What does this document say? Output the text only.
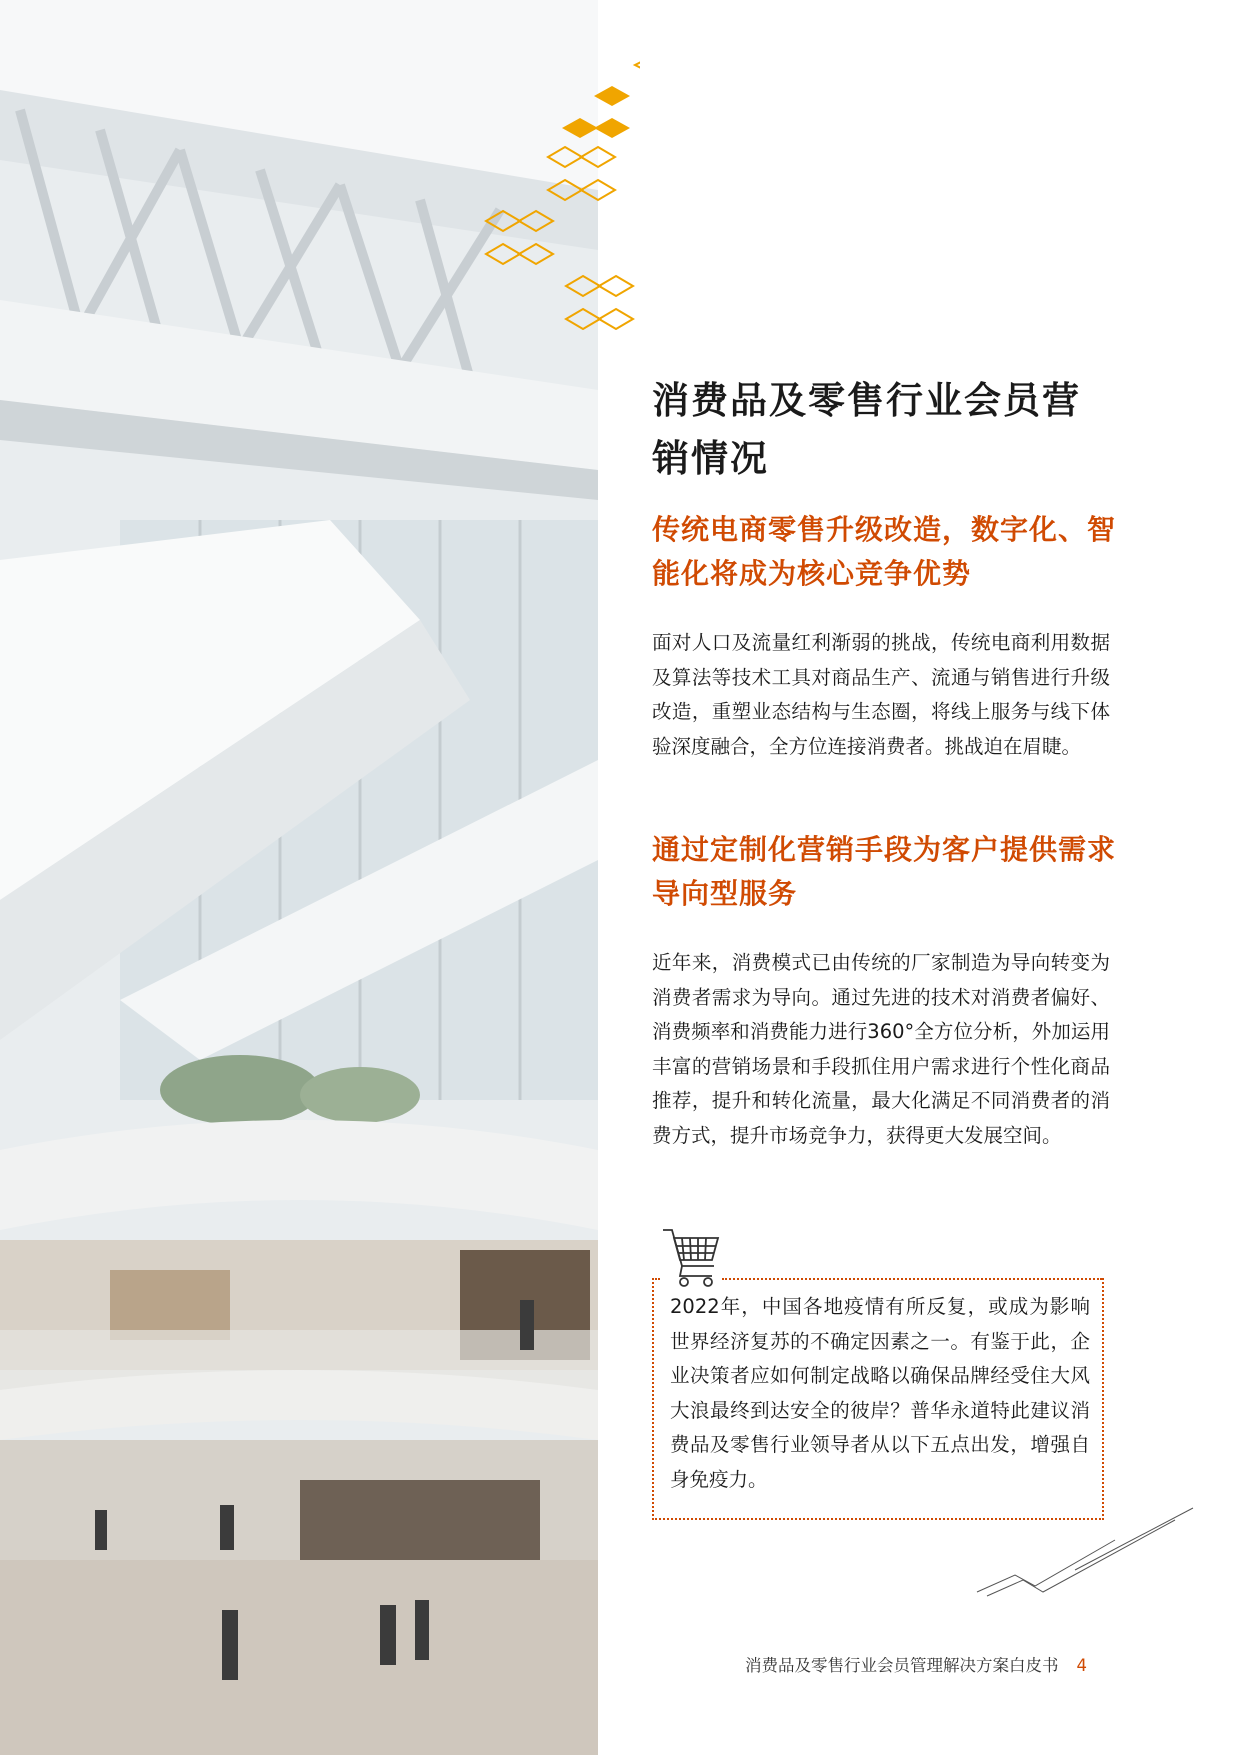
消费品及零售行业会员营销情况
传统电商零售升级改造，数字化、智能化将成为核心竞争优势

面对人口及流量红利渐弱的挑战，传统电商利用数据及算法等技术工具对商品生产、流通与销售进行升级改造，重塑业态结构与生态圈，将线上服务与线下体验深度融合，全方位连接消费者。挑战迫在眉睫。

通过定制化营销手段为客户提供需求导向型服务

近年来，消费模式已由传统的厂家制造为导向转变为消费者需求为导向。通过先进的技术对消费者偏好、消费频率和消费能力进行360°全方位分析，外加运用丰富的营销场景和手段抓住用户需求进行个性化商品推荐，提升和转化流量，最大化满足不同消费者的消费方式，提升市场竞争力，获得更大发展空间。

2022年，中国各地疫情有所反复，或成为影响世界经济复苏的不确定因素之一。有鉴于此，企业决策者应如何制定战略以确保品牌经受住大风大浪最终到达安全的彼岸？普华永道特此建议消费品及零售行业领导者从以下五点出发，增强自身免疫力。

消费品及零售行业会员管理解决方案白皮书 4
